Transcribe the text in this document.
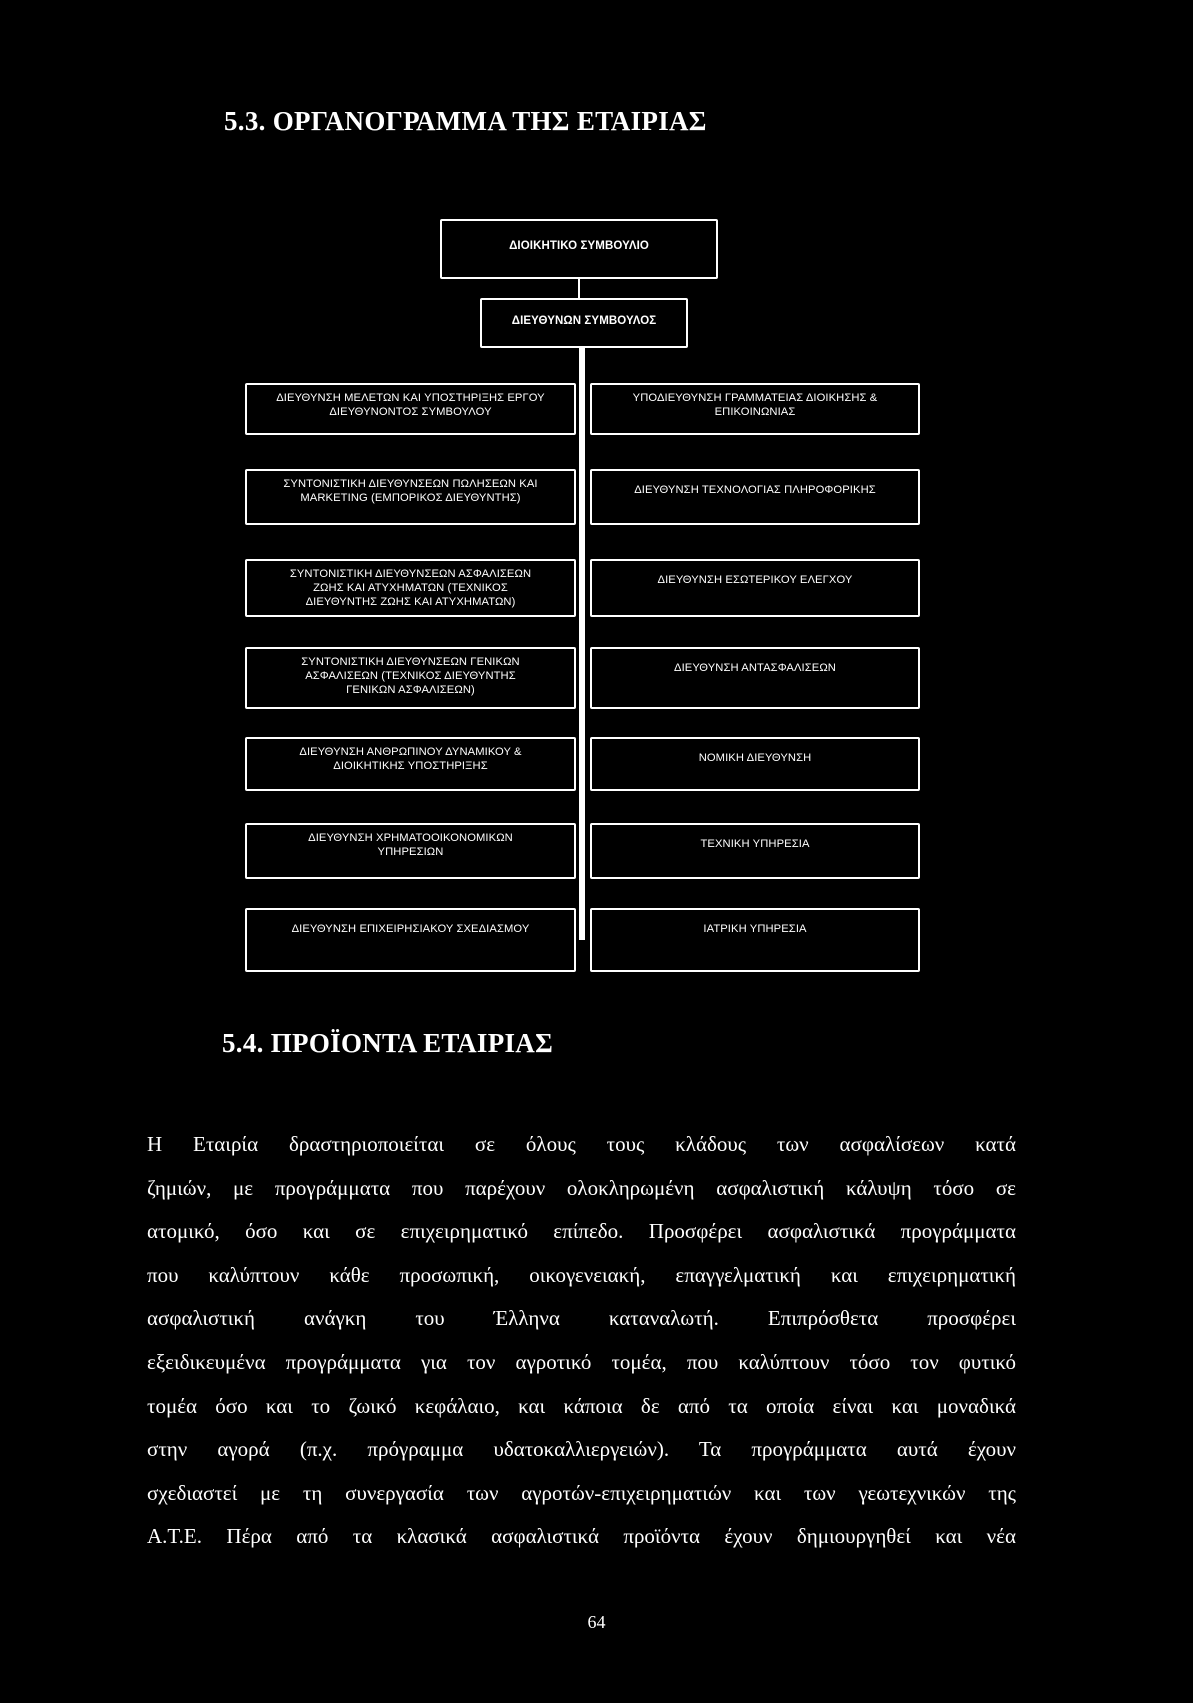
5.3. ΟΡΓΑΝΟΓΡΑΜΜΑ ΤΗΣ ΕΤΑΙΡΙΑΣ
ΔΙΟΙΚΗΤΙΚΟ ΣΥΜΒΟΥΛΙΟ
ΔΙΕΥΘΥΝΩΝ ΣΥΜΒΟΥΛΟΣ
ΔΙΕΥΘΥΝΣΗ ΜΕΛΕΤΩΝ ΚΑΙ ΥΠΟΣΤΗΡΙΞΗΣ ΕΡΓΟΥ
ΔΙΕΥΘΥΝΟΝΤΟΣ ΣΥΜΒΟΥΛΟΥ
ΣΥΝΤΟΝΙΣΤΙΚΗ ΔΙΕΥΘΥΝΣΕΩΝ ΠΩΛΗΣΕΩΝ ΚΑΙ
MARKETING (ΕΜΠΟΡΙΚΟΣ ΔΙΕΥΘΥΝΤΗΣ)
ΣΥΝΤΟΝΙΣΤΙΚΗ ΔΙΕΥΘΥΝΣΕΩΝ ΑΣΦΑΛΙΣΕΩΝ
ΖΩΗΣ ΚΑΙ ΑΤΥΧΗΜΑΤΩΝ (ΤΕΧΝΙΚΟΣ
ΔΙΕΥΘΥΝΤΗΣ ΖΩΗΣ ΚΑΙ ΑΤΥΧΗΜΑΤΩΝ)
ΣΥΝΤΟΝΙΣΤΙΚΗ ΔΙΕΥΘΥΝΣΕΩΝ ΓΕΝΙΚΩΝ
ΑΣΦΑΛΙΣΕΩΝ (ΤΕΧΝΙΚΟΣ ΔΙΕΥΘΥΝΤΗΣ
ΓΕΝΙΚΩΝ ΑΣΦΑΛΙΣΕΩΝ)
ΔΙΕΥΘΥΝΣΗ ΑΝΘΡΩΠΙΝΟΥ ΔΥΝΑΜΙΚΟΥ &
ΔΙΟΙΚΗΤΙΚΗΣ ΥΠΟΣΤΗΡΙΞΗΣ
ΔΙΕΥΘΥΝΣΗ ΧΡΗΜΑΤΟΟΙΚΟΝΟΜΙΚΩΝ
ΥΠΗΡΕΣΙΩΝ
ΔΙΕΥΘΥΝΣΗ ΕΠΙΧΕΙΡΗΣΙΑΚΟΥ ΣΧΕΔΙΑΣΜΟΥ
ΥΠΟΔΙΕΥΘΥΝΣΗ ΓΡΑΜΜΑΤΕΙΑΣ ΔΙΟΙΚΗΣΗΣ &
ΕΠΙΚΟΙΝΩΝΙΑΣ
ΔΙΕΥΘΥΝΣΗ ΤΕΧΝΟΛΟΓΙΑΣ ΠΛΗΡΟΦΟΡΙΚΗΣ
ΔΙΕΥΘΥΝΣΗ ΕΣΩΤΕΡΙΚΟΥ ΕΛΕΓΧΟΥ
ΔΙΕΥΘΥΝΣΗ ΑΝΤΑΣΦΑΛΙΣΕΩΝ
ΝΟΜΙΚΗ ΔΙΕΥΘΥΝΣΗ
ΤΕΧΝΙΚΗ ΥΠΗΡΕΣΙΑ
ΙΑΤΡΙΚΗ ΥΠΗΡΕΣΙΑ
5.4. ΠΡΟΪΟΝΤΑ ΕΤΑΙΡΙΑΣ
Η Εταιρία δραστηριοποιείται σε όλους τους κλάδους των ασφαλίσεων κατά
ζημιών, με προγράμματα που παρέχουν ολοκληρωμένη ασφαλιστική κάλυψη τόσο σε
ατομικό, όσο και σε επιχειρηματικό επίπεδο. Προσφέρει ασφαλιστικά προγράμματα
που καλύπτουν κάθε προσωπική, οικογενειακή, επαγγελματική και επιχειρηματική
ασφαλιστική ανάγκη του Έλληνα καταναλωτή. Επιπρόσθετα προσφέρει
εξειδικευμένα προγράμματα για τον αγροτικό τομέα, που καλύπτουν τόσο τον φυτικό
τομέα όσο και το ζωικό κεφάλαιο, και κάποια δε από τα οποία είναι και μοναδικά
στην αγορά (π.χ. πρόγραμμα υδατοκαλλιεργειών). Τα προγράμματα αυτά έχουν
σχεδιαστεί με τη συνεργασία των αγροτών-επιχειρηματιών και των γεωτεχνικών της
Α.Τ.Ε. Πέρα από τα κλασικά ασφαλιστικά προϊόντα έχουν δημιουργηθεί και νέα
64
